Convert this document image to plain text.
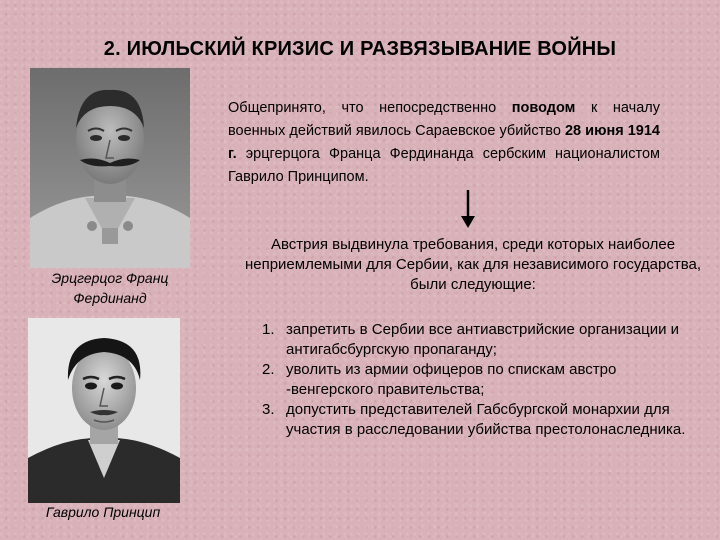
2. ИЮЛЬСКИЙ КРИЗИС И РАЗВЯЗЫВАНИЕ ВОЙНЫ
Эрцгерцог Франц Фердинанд
Гаврило Принцип
Общепринято, что непосредственно поводом к началу военных действий явилось Сараевское убийство 28 июня 1914 г. эрцгерцога Франца Фердинанда сербским националистом Гаврило Принципом.
Австрия выдвинула требования, среди которых наиболее неприемлемыми для Сербии, как для независимого государства, были следующие:
1. запретить в Сербии все антиавстрийские организации и антигабсбургскую пропаганду;
2. уволить из армии офицеров по спискам австро -венгерского правительства;
3. допустить представителей Габсбургской монархии для участия в расследовании убийства престолонаследника.
